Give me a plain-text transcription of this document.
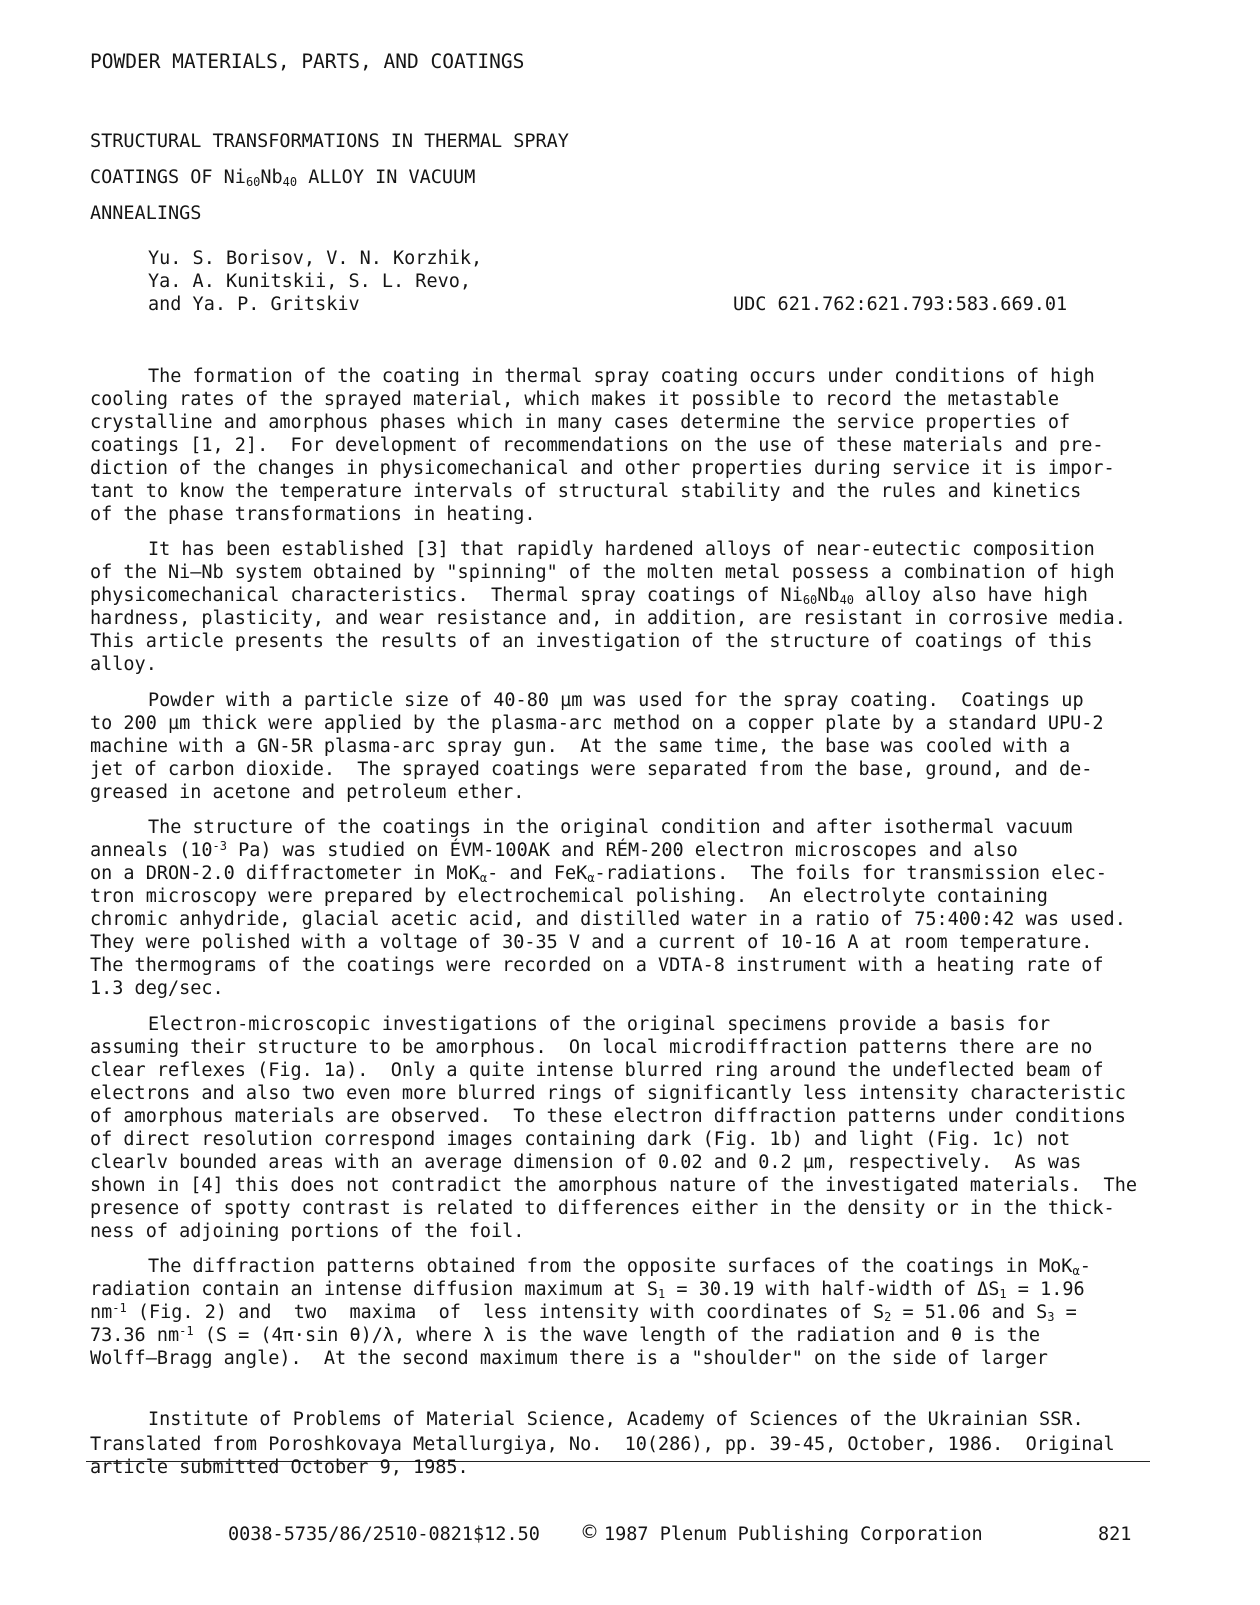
POWDER MATERIALS, PARTS, AND COATINGS
STRUCTURAL TRANSFORMATIONS IN THERMAL SPRAY
COATINGS OF $Ni_{60}Nb_{40}$ ALLOY IN VACUUM
ANNEALINGS
Yu. S. Borisov, V. N. Korzhik,
Ya. A. Kunitskii, S. L. Revo,
and Ya. P. Gritskiv	UDC 621.762:621.793:583.669.01
The formation of the coating in thermal spray coating occurs under conditions of high
cooling rates of the sprayed material, which makes it possible to record the metastable
crystalline and amorphous phases which in many cases determine the service properties of
coatings [1, 2].  For development of recommendations on the use of these materials and pre-
diction of the changes in physicomechanical and other properties during service it is impor-
tant to know the temperature intervals of structural stability and the rules and kinetics
of the phase transformations in heating.
It has been established [3] that rapidly hardened alloys of near-eutectic composition
of the Ni—Nb system obtained by "spinning" of the molten metal possess a combination of high
physicomechanical characteristics.  Thermal spray coatings of $Ni_{60}Nb_{40}$ alloy also have high
hardness, plasticity, and wear resistance and, in addition, are resistant in corrosive media.
This article presents the results of an investigation of the structure of coatings of this
alloy.
Powder with a particle size of 40-80 µm was used for the spray coating.  Coatings up
to 200 µm thick were applied by the plasma-arc method on a copper plate by a standard UPU-2
machine with a GN-5R plasma-arc spray gun.  At the same time, the base was cooled with a
jet of carbon dioxide.  The sprayed coatings were separated from the base, ground, and de-
greased in acetone and petroleum ether.
The structure of the coatings in the original condition and after isothermal vacuum
anneals ($10^{-3}$ Pa) was studied on ÉVM-100AK and RÉM-200 electron microscopes and also
on a DRON-2.0 diffractometer in MoK$_\alpha$- and FeK$_\alpha$-radiations.  The foils for transmission elec-
tron microscopy were prepared by electrochemical polishing.  An electrolyte containing
chromic anhydride, glacial acetic acid, and distilled water in a ratio of 75:400:42 was used.
They were polished with a voltage of 30-35 V and a current of 10-16 A at room temperature.
The thermograms of the coatings were recorded on a VDTA-8 instrument with a heating rate of
1.3 deg/sec.
Electron-microscopic investigations of the original specimens provide a basis for
assuming their structure to be amorphous.  On local microdiffraction patterns there are no
clear reflexes (Fig. 1a).  Only a quite intense blurred ring around the undeflected beam of
electrons and also two even more blurred rings of significantly less intensity characteristic
of amorphous materials are observed.  To these electron diffraction patterns under conditions
of direct resolution correspond images containing dark (Fig. 1b) and light (Fig. 1c) not
clearlv bounded areas with an average dimension of 0.02 and 0.2 µm, respectively.  As was
shown in [4] this does not contradict the amorphous nature of the investigated materials.  The
presence of spotty contrast is related to differences either in the density or in the thick-
ness of adjoining portions of the foil.
The diffraction patterns obtained from the opposite surfaces of the coatings in MoK$_\alpha$-
radiation contain an intense diffusion maximum at $S_1 = 30.19$ with half-width of $\Delta S_1 = 1.96$
$nm^{-1}$ (Fig. 2) and  two  maxima  of  less intensity with coordinates of $S_2 = 51.06$ and $S_3$ =
73.36 $nm^{-1}$ (S = (4π·sin θ)/λ, where λ is the wave length of the radiation and θ is the
Wolff—Bragg angle).  At the second maximum there is a "shoulder" on the side of larger
Institute of Problems of Material Science, Academy of Sciences of the Ukrainian SSR.
Translated from Poroshkovaya Metallurgiya, No.  10(286), pp. 39-45, October, 1986.  Original
article submitted October 9, 1985.
0038-5735/86/2510-0821$12.50 © 1987 Plenum Publishing Corporation	821
